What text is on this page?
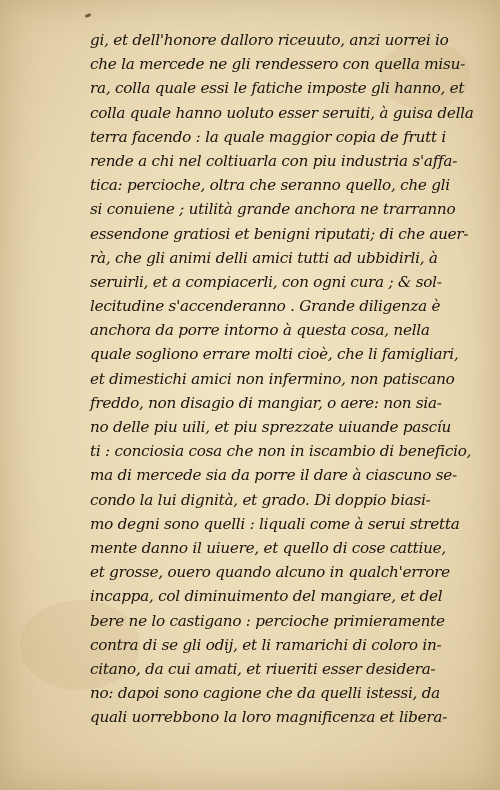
gi, et dell'honore dalloro riceuuto, anzi uorrei io
che la mercede ne gli rendessero con quella misu-
ra, colla quale essi le fatiche imposte gli hanno, et
colla quale hanno uoluto esser seruiti, à guisa della
terra facendo : la quale maggior copia de frutt i
rende a chi nel coltiuarla con piu industria s'affa-
tica: percioche, oltra che seranno quello, che gli
si conuiene ; utilità grande anchora ne trarranno
essendone gratiosi et benigni riputati; di che auer-
rà, che gli animi delli amici tutti ad ubbidirli, à
seruirli, et a compiacerli, con ogni cura ; & sol-
lecitudine s'accenderanno . Grande diligenza è
anchora da porre intorno à questa cosa, nella
quale sogliono errare molti cioè, che li famigliari,
et dimestichi amici non infermino, non patiscano
freddo, non disagio di mangiar, o aere: non sia-
no delle piu uili, et piu sprezzate uiuande pascíu
ti : conciosia cosa che non in iscambio di beneficio,
ma di mercede sia da porre il dare à ciascuno se-
condo la lui dignità, et grado. Di doppio biasi-
mo degni sono quelli : liquali come à serui stretta
mente danno il uiuere, et quello di cose cattiue,
et grosse, ouero quando alcuno in qualch'errore
incappa, col diminuimento del mangiare, et del
bere ne lo castigano : percioche primieramente
contra di se gli odij, et li ramarichi di coloro in-
citano, da cui amati, et riueriti esser desidera-
no: dapoi sono cagione che da quelli istessi, da
quali uorrebbono la loro magnificenza et libera-
